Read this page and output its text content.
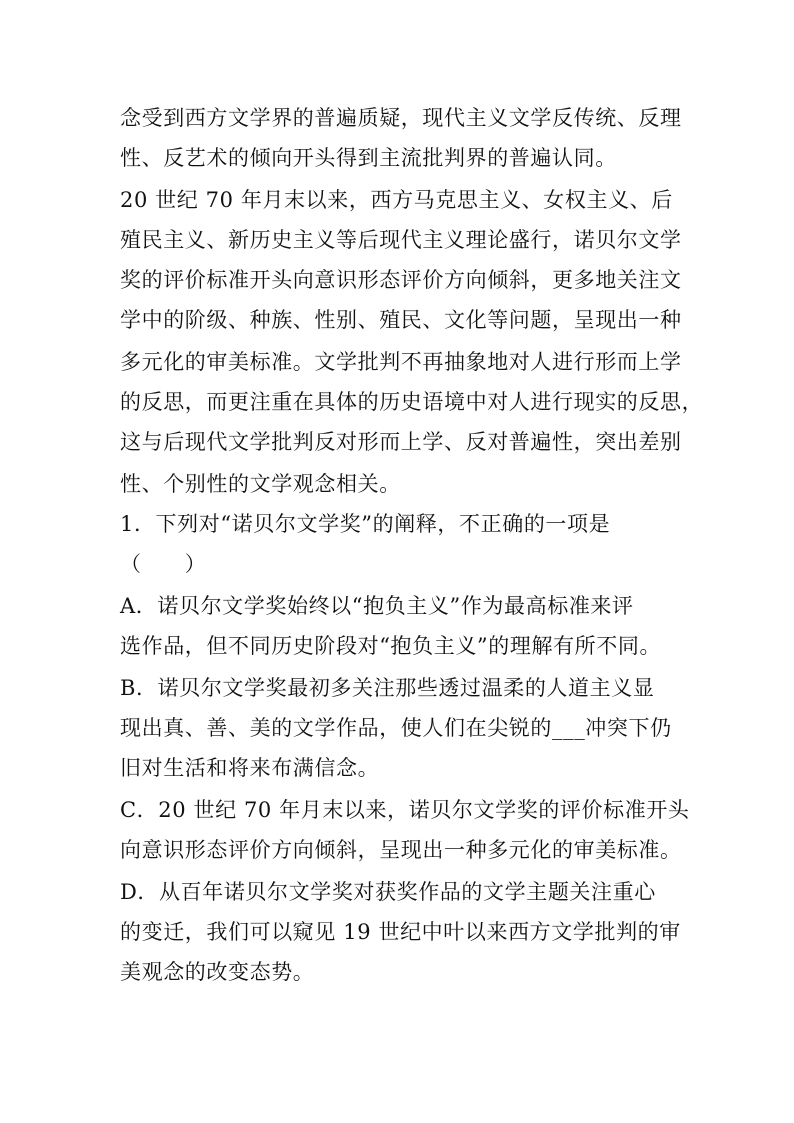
念受到西方文学界的普遍质疑，现代主义文学反传统、反理
性、反艺术的倾向开头得到主流批判界的普遍认同。
20 世纪 70 年月末以来，西方马克思主义、女权主义、后
殖民主义、新历史主义等后现代主义理论盛行，诺贝尔文学
奖的评价标准开头向意识形态评价方向倾斜，更多地关注文
学中的阶级、种族、性别、殖民、文化等问题，呈现出一种
多元化的审美标准。文学批判不再抽象地对人进行形而上学
的反思，而更注重在具体的历史语境中对人进行现实的反思，
这与后现代文学批判反对形而上学、反对普遍性，突出差别
性、个别性的文学观念相关。
1．下列对“诺贝尔文学奖”的阐释，不正确的一项是
（　　）
A．诺贝尔文学奖始终以“抱负主义”作为最高标准来评
选作品，但不同历史阶段对“抱负主义”的理解有所不同。
B．诺贝尔文学奖最初多关注那些透过温柔的人道主义显
现出真、善、美的文学作品，使人们在尖锐的___冲突下仍
旧对生活和将来布满信念。
C．20 世纪 70 年月末以来，诺贝尔文学奖的评价标准开头
向意识形态评价方向倾斜，呈现出一种多元化的审美标准。
D．从百年诺贝尔文学奖对获奖作品的文学主题关注重心
的变迁，我们可以窥见 19 世纪中叶以来西方文学批判的审
美观念的改变态势。
